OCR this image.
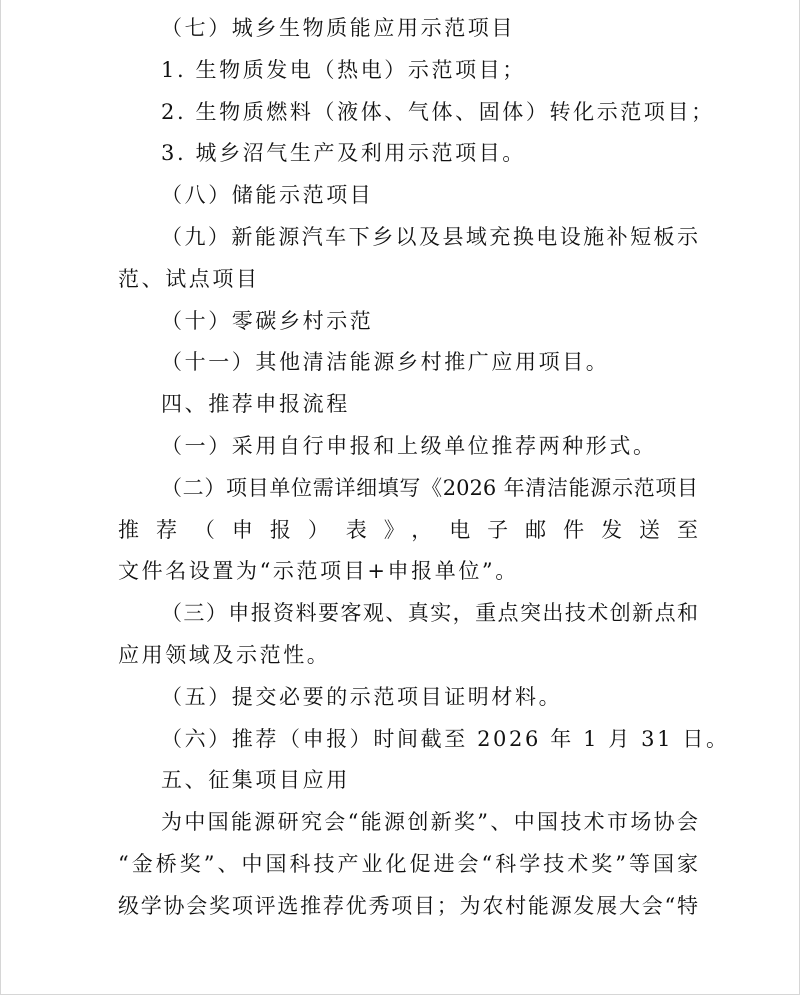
（七）城乡生物质能应用示范项目
1. 生物质发电（热电）示范项目；
2. 生物质燃料（液体、气体、固体）转化示范项目；
3. 城乡沼气生产及利用示范项目。
（八）储能示范项目
（九）新能源汽车下乡以及县域充换电设施补短板示
范、试点项目
（十）零碳乡村示范
（十一）其他清洁能源乡村推广应用项目。
四、推荐申报流程
（一）采用自行申报和上级单位推荐两种形式。
（二）项目单位需详细填写《2026 年清洁能源示范项目
推荐（申报）表》，电子邮件发送至
文件名设置为“示范项目+申报单位”。
（三）申报资料要客观、真实，重点突出技术创新点和
应用领域及示范性。
（五）提交必要的示范项目证明材料。
（六）推荐（申报）时间截至 2026 年 1 月 31 日。
五、征集项目应用
为中国能源研究会“能源创新奖”、中国技术市场协会
“金桥奖”、中国科技产业化促进会“科学技术奖”等国家
级学协会奖项评选推荐优秀项目；为农村能源发展大会“特
